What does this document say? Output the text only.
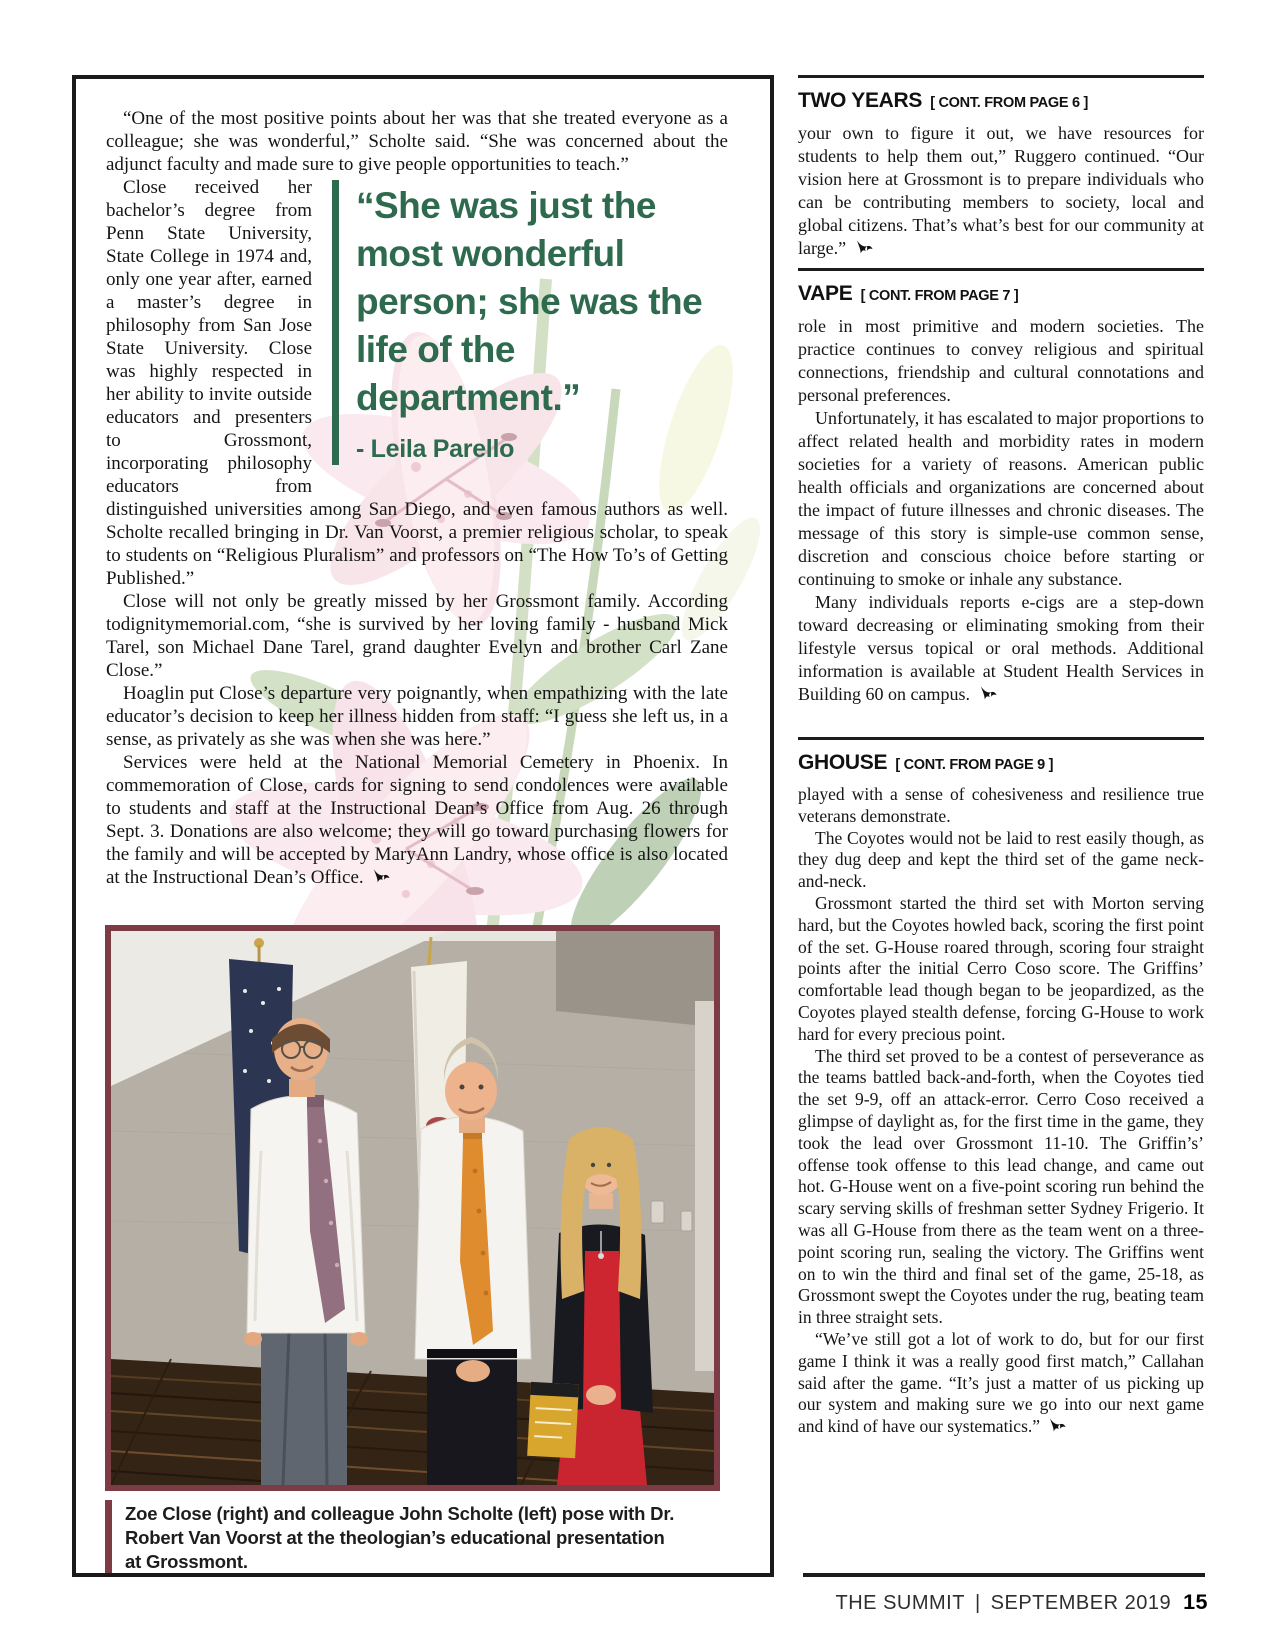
“One of the most positive points about her was that she treated everyone as a colleague; she was wonderful,” Scholte said. “She was concerned about the adjunct faculty and made sure to give people opportunities to teach.”

“She was just the most wonderful person; she was the life of the department.”
- Leila Parello

Close received her bachelor’s degree from Penn State University, State College in 1974 and, only one year after, earned a master’s degree in philosophy from San Jose State University. Close was highly respected in her ability to invite outside educators and presenters to Grossmont, incorporating philosophy educators from distinguished universities among San Diego, and even famous authors as well. Scholte recalled bringing in Dr. Van Voorst, a premier religious scholar, to speak to students on “Religious Pluralism” and professors on “The How To’s of Getting Published.”

Close will not only be greatly missed by her Grossmont family. According todignitymemorial.com, “she is survived by her loving family - husband Mick Tarel, son Michael Dane Tarel, grand daughter Evelyn and brother Carl Zane Close.”

Hoaglin put Close’s departure very poignantly, when empathizing with the late educator’s decision to keep her illness hidden from staff: “I guess she left us, in a sense, as privately as she was when she was here.”

Services were held at the National Memorial Cemetery in Phoenix. In commemoration of Close, cards for signing to send condolences were available to students and staff at the Instructional Dean’s Office from Aug. 26 through Sept. 3. Donations are also welcome; they will go toward purchasing flowers for the family and will be accepted by MaryAnn Landry, whose office is also located at the Instructional Dean’s Office.

Zoe Close (right) and colleague John Scholte (left) pose with Dr. Robert Van Voorst at the theologian’s educational presentation at Grossmont.
TWO YEARS [ CONT. FROM PAGE 6 ]

your own to figure it out, we have resources for students to help them out,” Ruggero continued. “Our vision here at Grossmont is to prepare individuals who can be contributing members to society, local and global citizens. That’s what’s best for our community at large.”

VAPE [ CONT. FROM PAGE 7 ]

role in most primitive and modern societies. The practice continues to convey religious and spiritual connections, friendship and cultural connotations and personal preferences.

Unfortunately, it has escalated to major proportions to affect related health and morbidity rates in modern societies for a variety of reasons. American public health officials and organizations are concerned about the impact of future illnesses and chronic diseases. The message of this story is simple-use common sense, discretion and conscious choice before starting or continuing to smoke or inhale any substance.

Many individuals reports e-cigs are a step-down toward decreasing or eliminating smoking from their lifestyle versus topical or oral methods. Additional information is available at Student Health Services in Building 60 on campus.

GHOUSE [ CONT. FROM PAGE 9 ]

played with a sense of cohesiveness and resilience true veterans demonstrate.

The Coyotes would not be laid to rest easily though, as they dug deep and kept the third set of the game neck-and-neck.

Grossmont started the third set with Morton serving hard, but the Coyotes howled back, scoring the first point of the set. G-House roared through, scoring four straight points after the initial Cerro Coso score. The Griffins’ comfortable lead though began to be jeopardized, as the Coyotes played stealth defense, forcing G-House to work hard for every precious point.

The third set proved to be a contest of perseverance as the teams battled back-and-forth, when the Coyotes tied the set 9-9, off an attack-error. Cerro Coso received a glimpse of daylight as, for the first time in the game, they took the lead over Grossmont 11-10. The Griffin’s’ offense took offense to this lead change, and came out hot. G-House went on a five-point scoring run behind the scary serving skills of freshman setter Sydney Frigerio. It was all G-House from there as the team went on a three-point scoring run, sealing the victory. The Griffins went on to win the third and final set of the game, 25-18, as Grossmont swept the Coyotes under the rug, beating team in three straight sets.

“We’ve still got a lot of work to do, but for our first game I think it was a really good first match,” Callahan said after the game. “It’s just a matter of us picking up our system and making sure we go into our next game and kind of have our systematics.”

THE SUMMIT | SEPTEMBER 2019 15
